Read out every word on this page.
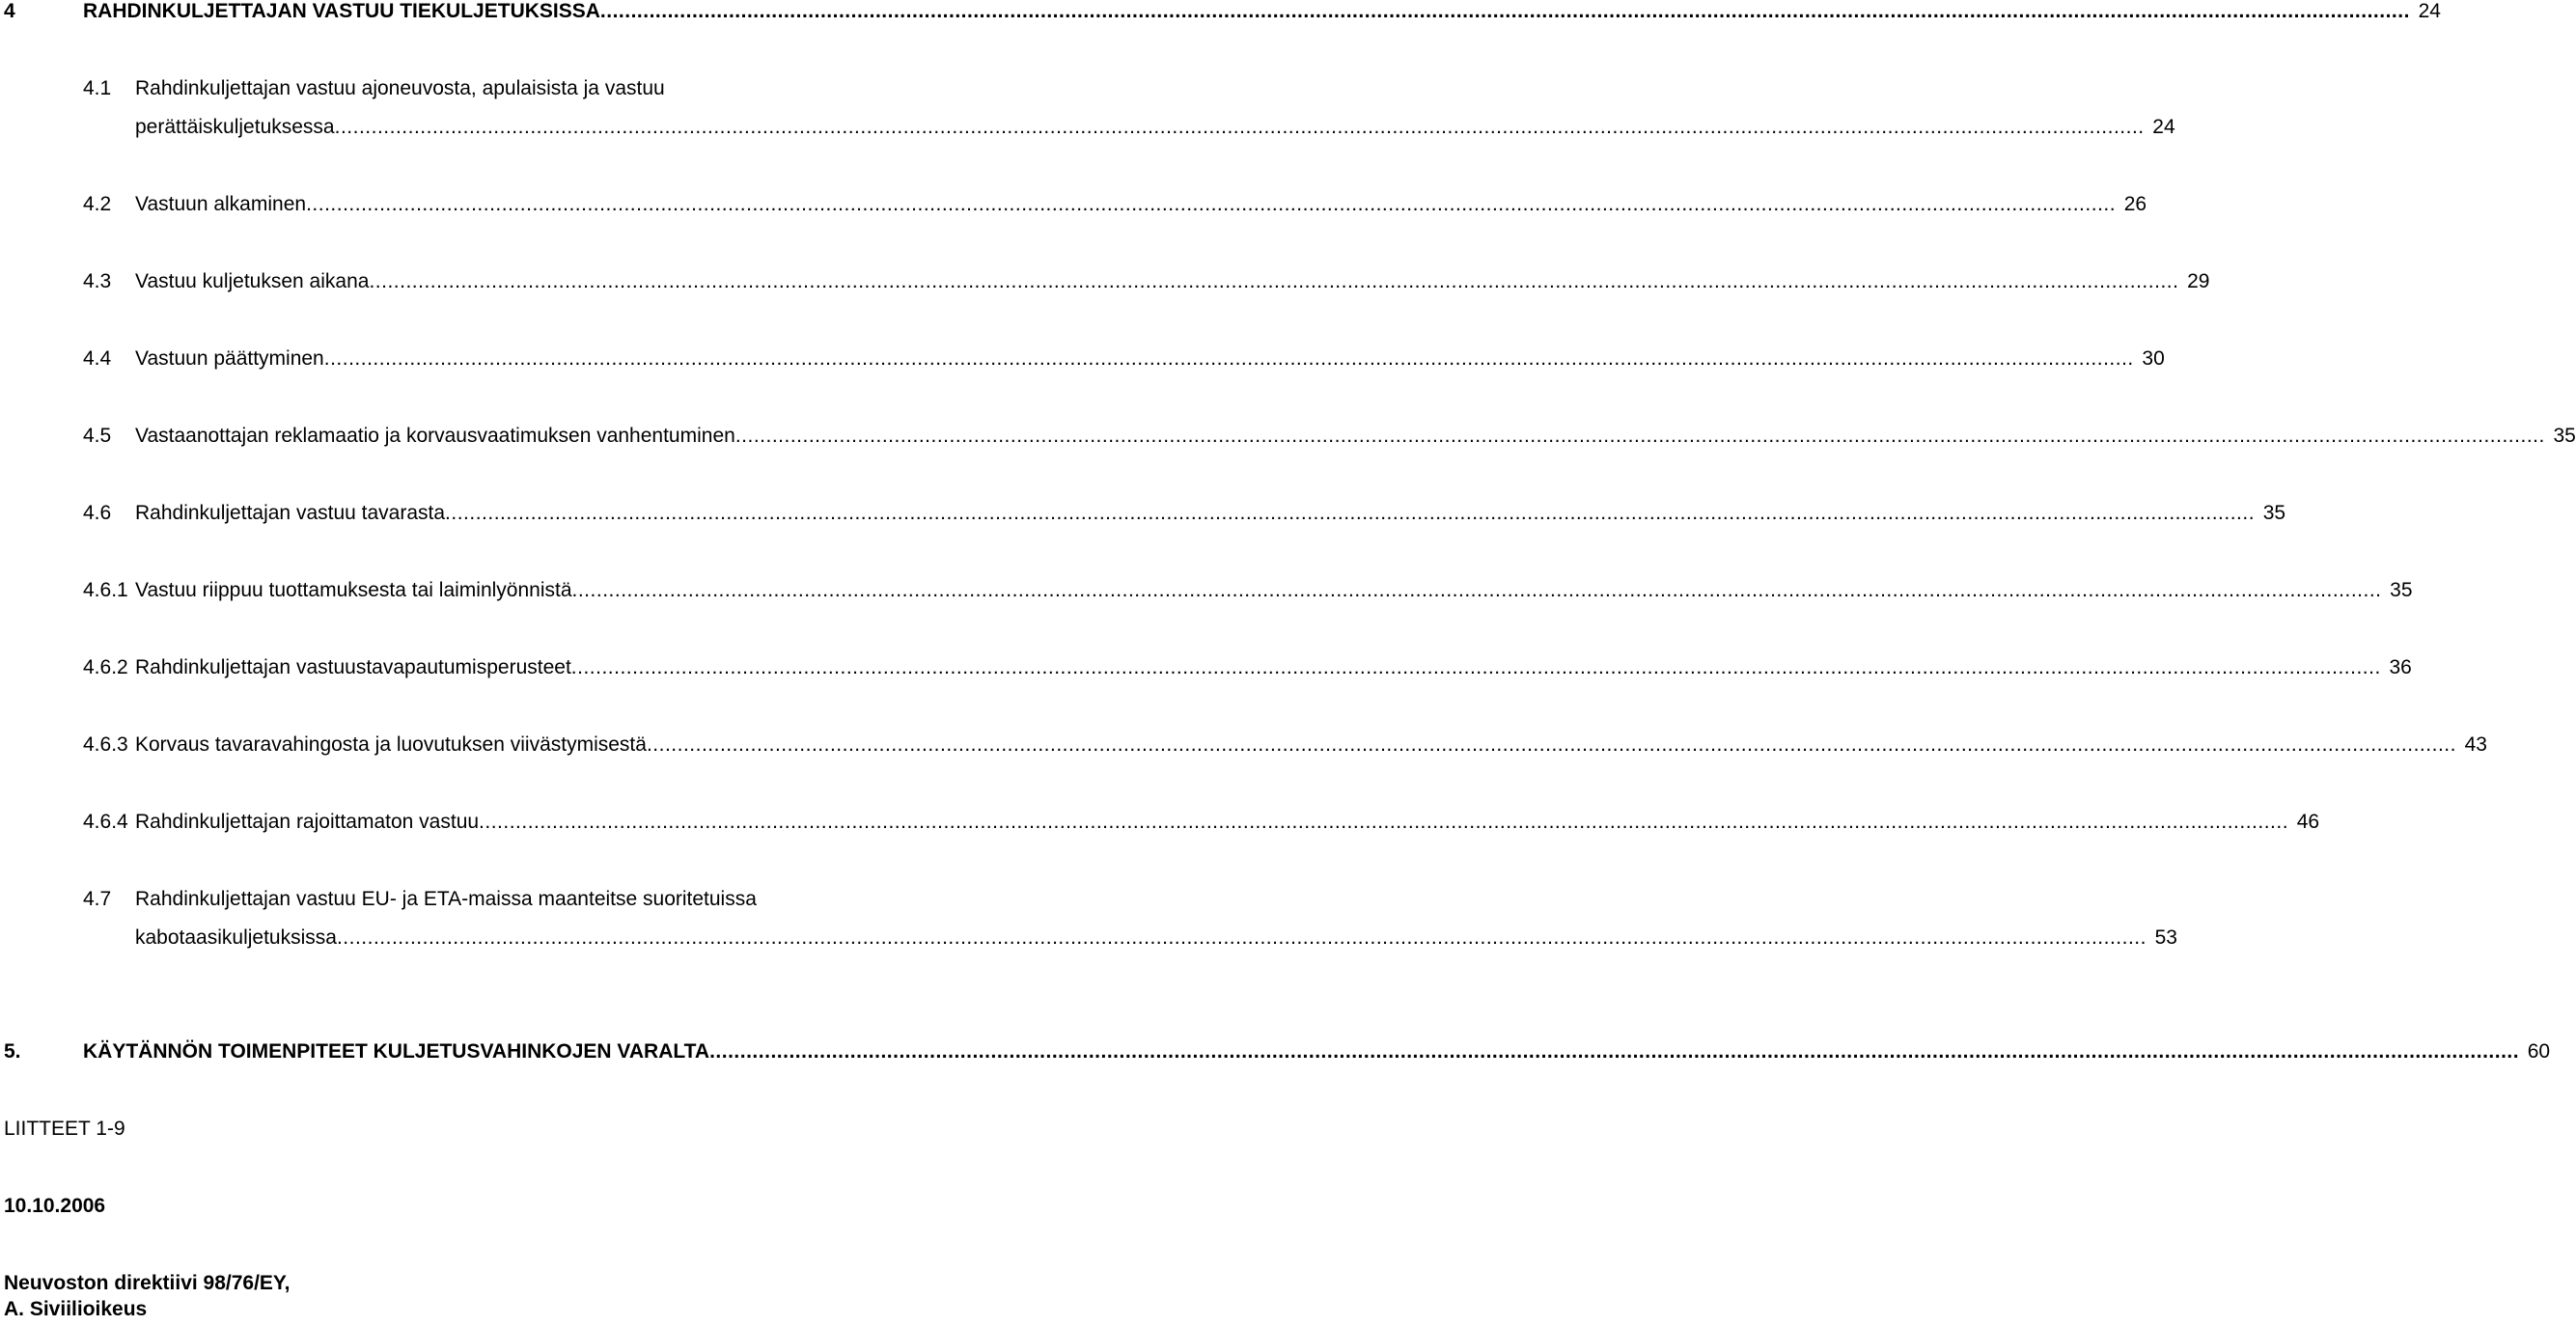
4	RAHDINKULJETTAJAN VASTUU TIEKULJETUKSISSA .....	24
4.1 Rahdinkuljettajan vastuu ajoneuvosta, apulaisista ja vastuu
perättäiskuljetuksessa .....	24
4.2 Vastuun alkaminen .....	26
4.3 Vastuu kuljetuksen aikana .....	29
4.4 Vastuun päättyminen .....	30
4.5 Vastaanottajan reklamaatio ja korvausvaatimuksen vanhentuminen .....	35
4.6 Rahdinkuljettajan vastuu tavarasta .....	35
4.6.1 Vastuu riippuu tuottamuksesta tai laiminlyönnistä .....	35
4.6.2 Rahdinkuljettajan vastuustavapautumisperusteet .....	36
4.6.3 Korvaus tavaravahingosta ja luovutuksen viivästymisestä .....	43
4.6.4 Rahdinkuljettajan rajoittamaton vastuu .....	46
4.7 Rahdinkuljettajan vastuu EU- ja ETA-maissa maanteitse suoritetuissa
kabotaasikuljetuksissa .....	53
5.	KÄYTÄNNÖN TOIMENPITEET KULJETUSVAHINKOJEN VARALTA .....	60
LIITTEET 1-9
10.10.2006
Neuvoston direktiivi 98/76/EY,
A. Siviilioikeus
